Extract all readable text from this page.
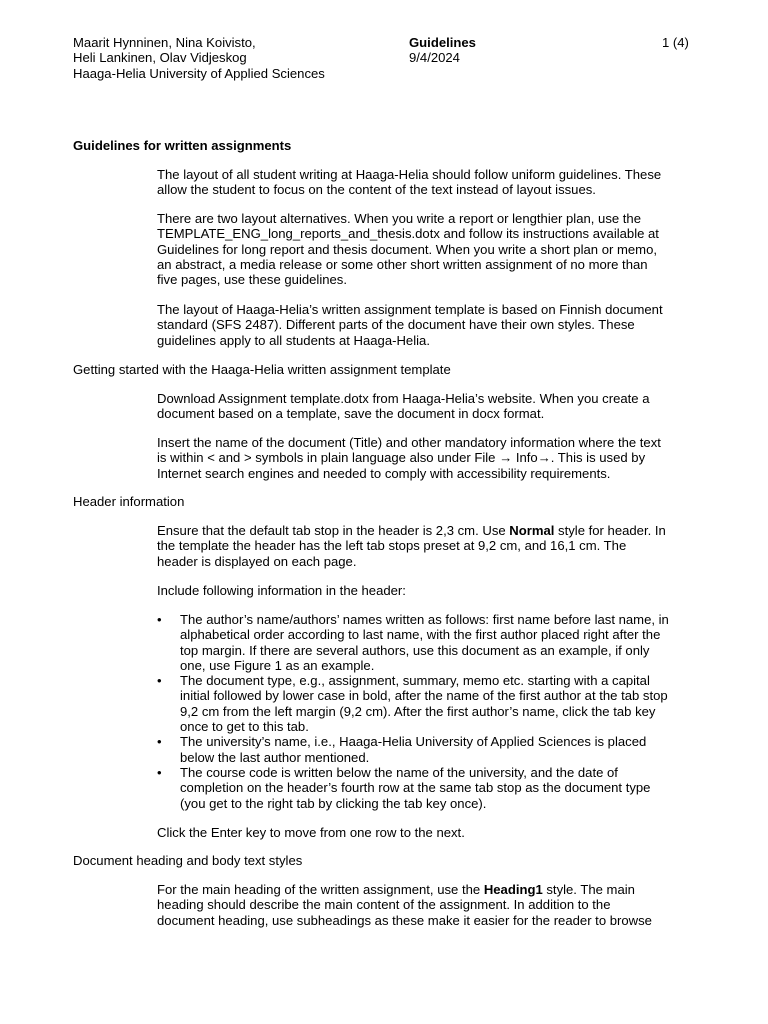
Maarit Hynninen, Nina Koivisto,
Heli Lankinen, Olav Vidjeskog
Haaga-Helia University of Applied Sciences
Guidelines
9/4/2024
1 (4)
Guidelines for written assignments
The layout of all student writing at Haaga-Helia should follow uniform guidelines. These
allow the student to focus on the content of the text instead of layout issues.
There are two layout alternatives. When you write a report or lengthier plan, use the
TEMPLATE_ENG_long_reports_and_thesis.dotx and follow its instructions available at
Guidelines for long report and thesis document. When you write a short plan or memo,
an abstract, a media release or some other short written assignment of no more than
five pages, use these guidelines.
The layout of Haaga-Helia’s written assignment template is based on Finnish document
standard (SFS 2487). Different parts of the document have their own styles. These
guidelines apply to all students at Haaga-Helia.
Getting started with the Haaga-Helia written assignment template
Download Assignment template.dotx from Haaga-Helia’s website. When you create a
document based on a template, save the document in docx format.
Insert the name of the document (Title) and other mandatory information where the text
is within < and > symbols in plain language also under File → Info→. This is used by
Internet search engines and needed to comply with accessibility requirements.
Header information
Ensure that the default tab stop in the header is 2,3 cm. Use Normal style for header. In
the template the header has the left tab stops preset at 9,2 cm, and 16,1 cm. The
header is displayed on each page.
Include following information in the header:
• The author’s name/authors’ names written as follows: first name before last name, in
alphabetical order according to last name, with the first author placed right after the
top margin. If there are several authors, use this document as an example, if only
one, use Figure 1 as an example.
• The document type, e.g., assignment, summary, memo etc. starting with a capital
initial followed by lower case in bold, after the name of the first author at the tab stop
9,2 cm from the left margin (9,2 cm). After the first author’s name, click the tab key
once to get to this tab.
• The university’s name, i.e., Haaga-Helia University of Applied Sciences is placed
below the last author mentioned.
• The course code is written below the name of the university, and the date of
completion on the header’s fourth row at the same tab stop as the document type
(you get to the right tab by clicking the tab key once).
Click the Enter key to move from one row to the next.
Document heading and body text styles
For the main heading of the written assignment, use the Heading1 style. The main
heading should describe the main content of the assignment. In addition to the
document heading, use subheadings as these make it easier for the reader to browse
